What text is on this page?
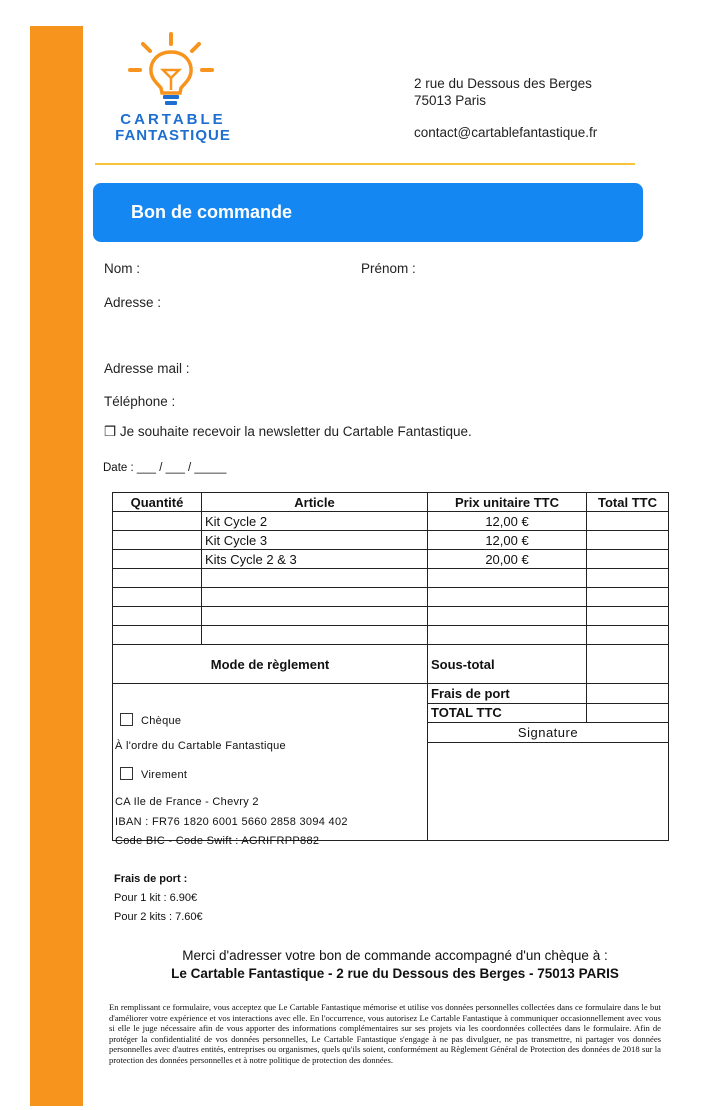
CARTABLE
FANTASTIQUE
2 rue du Dessous des Berges
75013 Paris
contact@cartablefantastique.fr
Bon de commande
Nom :	Prénom :
Adresse :
Adresse mail :
Téléphone :
❒ Je souhaite recevoir la newsletter du Cartable Fantastique.
Date : ___ / ___ / _____
Quantité	Article	Prix unitaire TTC	Total TTC
	Kit Cycle 2	12,00 €	
	Kit Cycle 3	12,00 €	
	Kits Cycle 2 & 3	20,00 €	

Mode de règlement		Sous-total	
		Frais de port	
		TOTAL TTC	
		Signature	

Chèque
À l'ordre du Cartable Fantastique
Virement
CA Ile de France - Chevry 2
IBAN : FR76 1820 6001 5660 2858 3094 402
Code BIC - Code Swift : AGRIFRPP882
Frais de port :
Pour 1 kit : 6.90€
Pour 2 kits : 7.60€
Merci d'adresser votre bon de commande accompagné d'un chèque à :
Le Cartable Fantastique - 2 rue du Dessous des Berges - 75013 PARIS
En remplissant ce formulaire, vous acceptez que Le Cartable Fantastique mémorise et utilise vos données personnelles collectées dans ce formulaire dans le but d'améliorer votre expérience et vos interactions avec elle. En l'occurrence, vous autorisez Le Cartable Fantastique à communiquer occasionnellement avec vous si elle le juge nécessaire afin de vous apporter des informations complémentaires sur ses projets via les coordonnées collectées dans le formulaire. Afin de protéger la confidentialité de vos données personnelles, Le Cartable Fantastique s'engage à ne pas divulguer, ne pas transmettre, ni partager vos données personnelles avec d'autres entités, entreprises ou organismes, quels qu'ils soient, conformément au Règlement Général de Protection des données de 2018 sur la protection des données personnelles et à notre politique de protection des données.
